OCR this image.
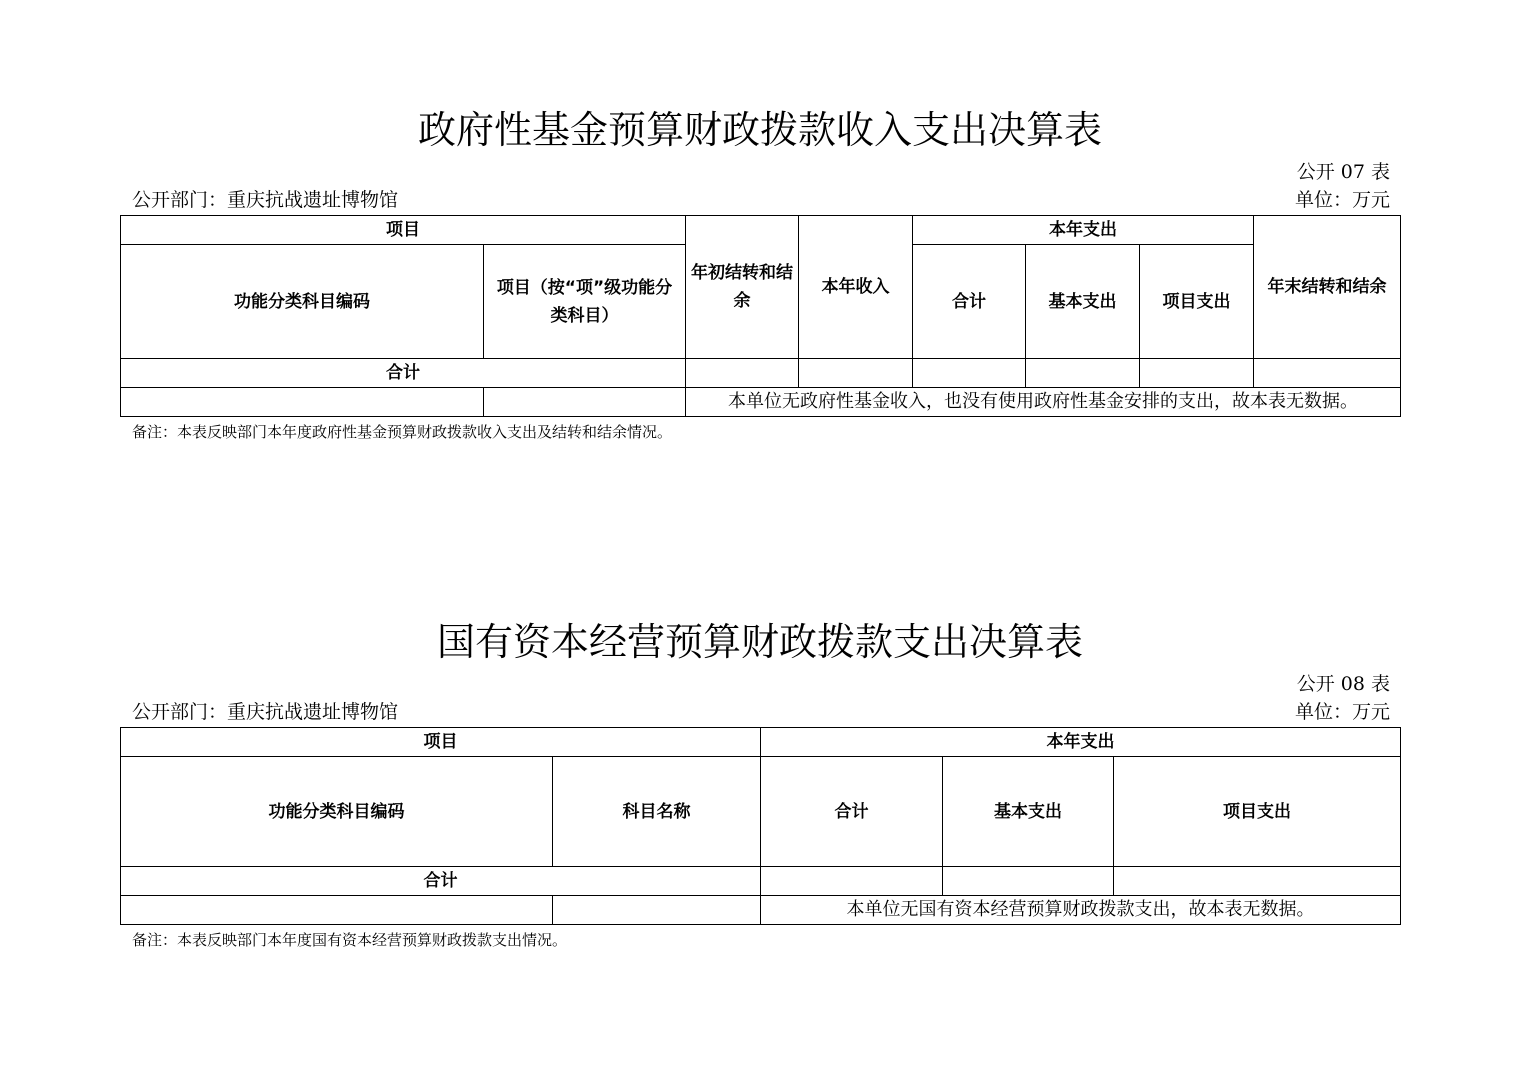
政府性基金预算财政拨款收入支出决算表
公开 07 表
公开部门：重庆抗战遗址博物馆	单位：万元
项目		年初结转和结余	本年收入	本年支出			年末结转和结余
功能分类科目编码	项目（按“项”级功能分类科目）			合计	基本支出	项目支出	
合计							
		本单位无政府性基金收入，也没有使用政府性基金安排的支出，故本表无数据。					
备注：本表反映部门本年度政府性基金预算财政拨款收入支出及结转和结余情况。
国有资本经营预算财政拨款支出决算表
公开 08 表
公开部门：重庆抗战遗址博物馆	单位：万元
项目		本年支出		
功能分类科目编码	科目名称	合计	基本支出	项目支出
合计				
		本单位无国有资本经营预算财政拨款支出，故本表无数据。		
备注：本表反映部门本年度国有资本经营预算财政拨款支出情况。
